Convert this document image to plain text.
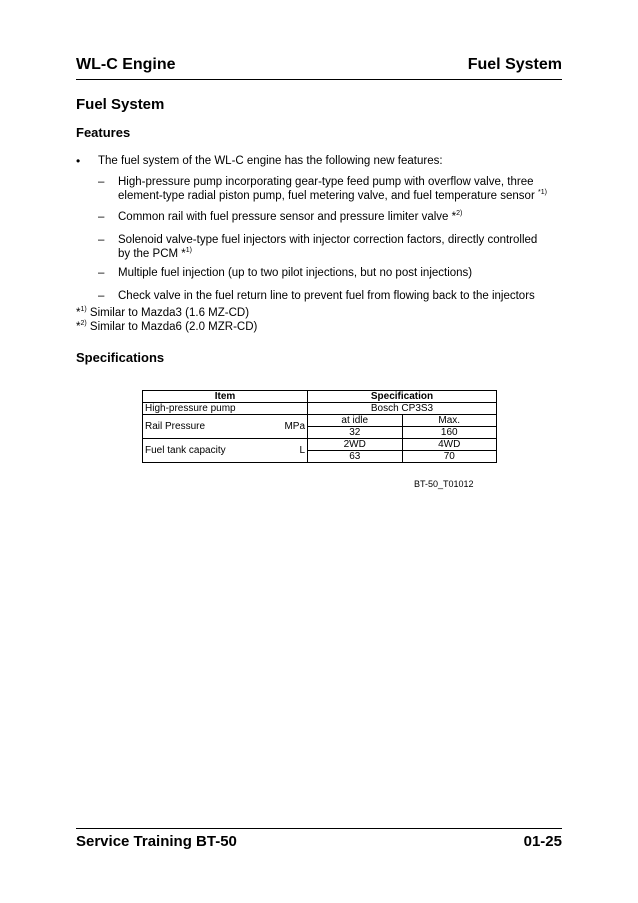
WL-C Engine	Fuel System
Fuel System
Features
• The fuel system of the WL-C engine has the following new features:
– High-pressure pump incorporating gear-type feed pump with overflow valve, three
element-type radial piston pump, fuel metering valve, and fuel temperature sensor $^{*1)}$
– Common rail with fuel pressure sensor and pressure limiter valve *$^{2)}$
– Solenoid valve-type fuel injectors with injector correction factors, directly controlled
by the PCM *$^{1)}$
– Multiple fuel injection (up to two pilot injections, but no post injections)
– Check valve in the fuel return line to prevent fuel from flowing back to the injectors
*$^{1)}$ Similar to Mazda3 (1.6 MZ-CD)
*$^{2)}$ Similar to Mazda6 (2.0 MZR-CD)
Specifications
Item		Specification	
High-pressure pump		Bosch CP3S3	
Rail Pressure	MPa	at idle	Max.
		32	160
Fuel tank capacity	L	2WD	4WD
		63	70
BT-50_T01012
Service Training BT-50	01-25
